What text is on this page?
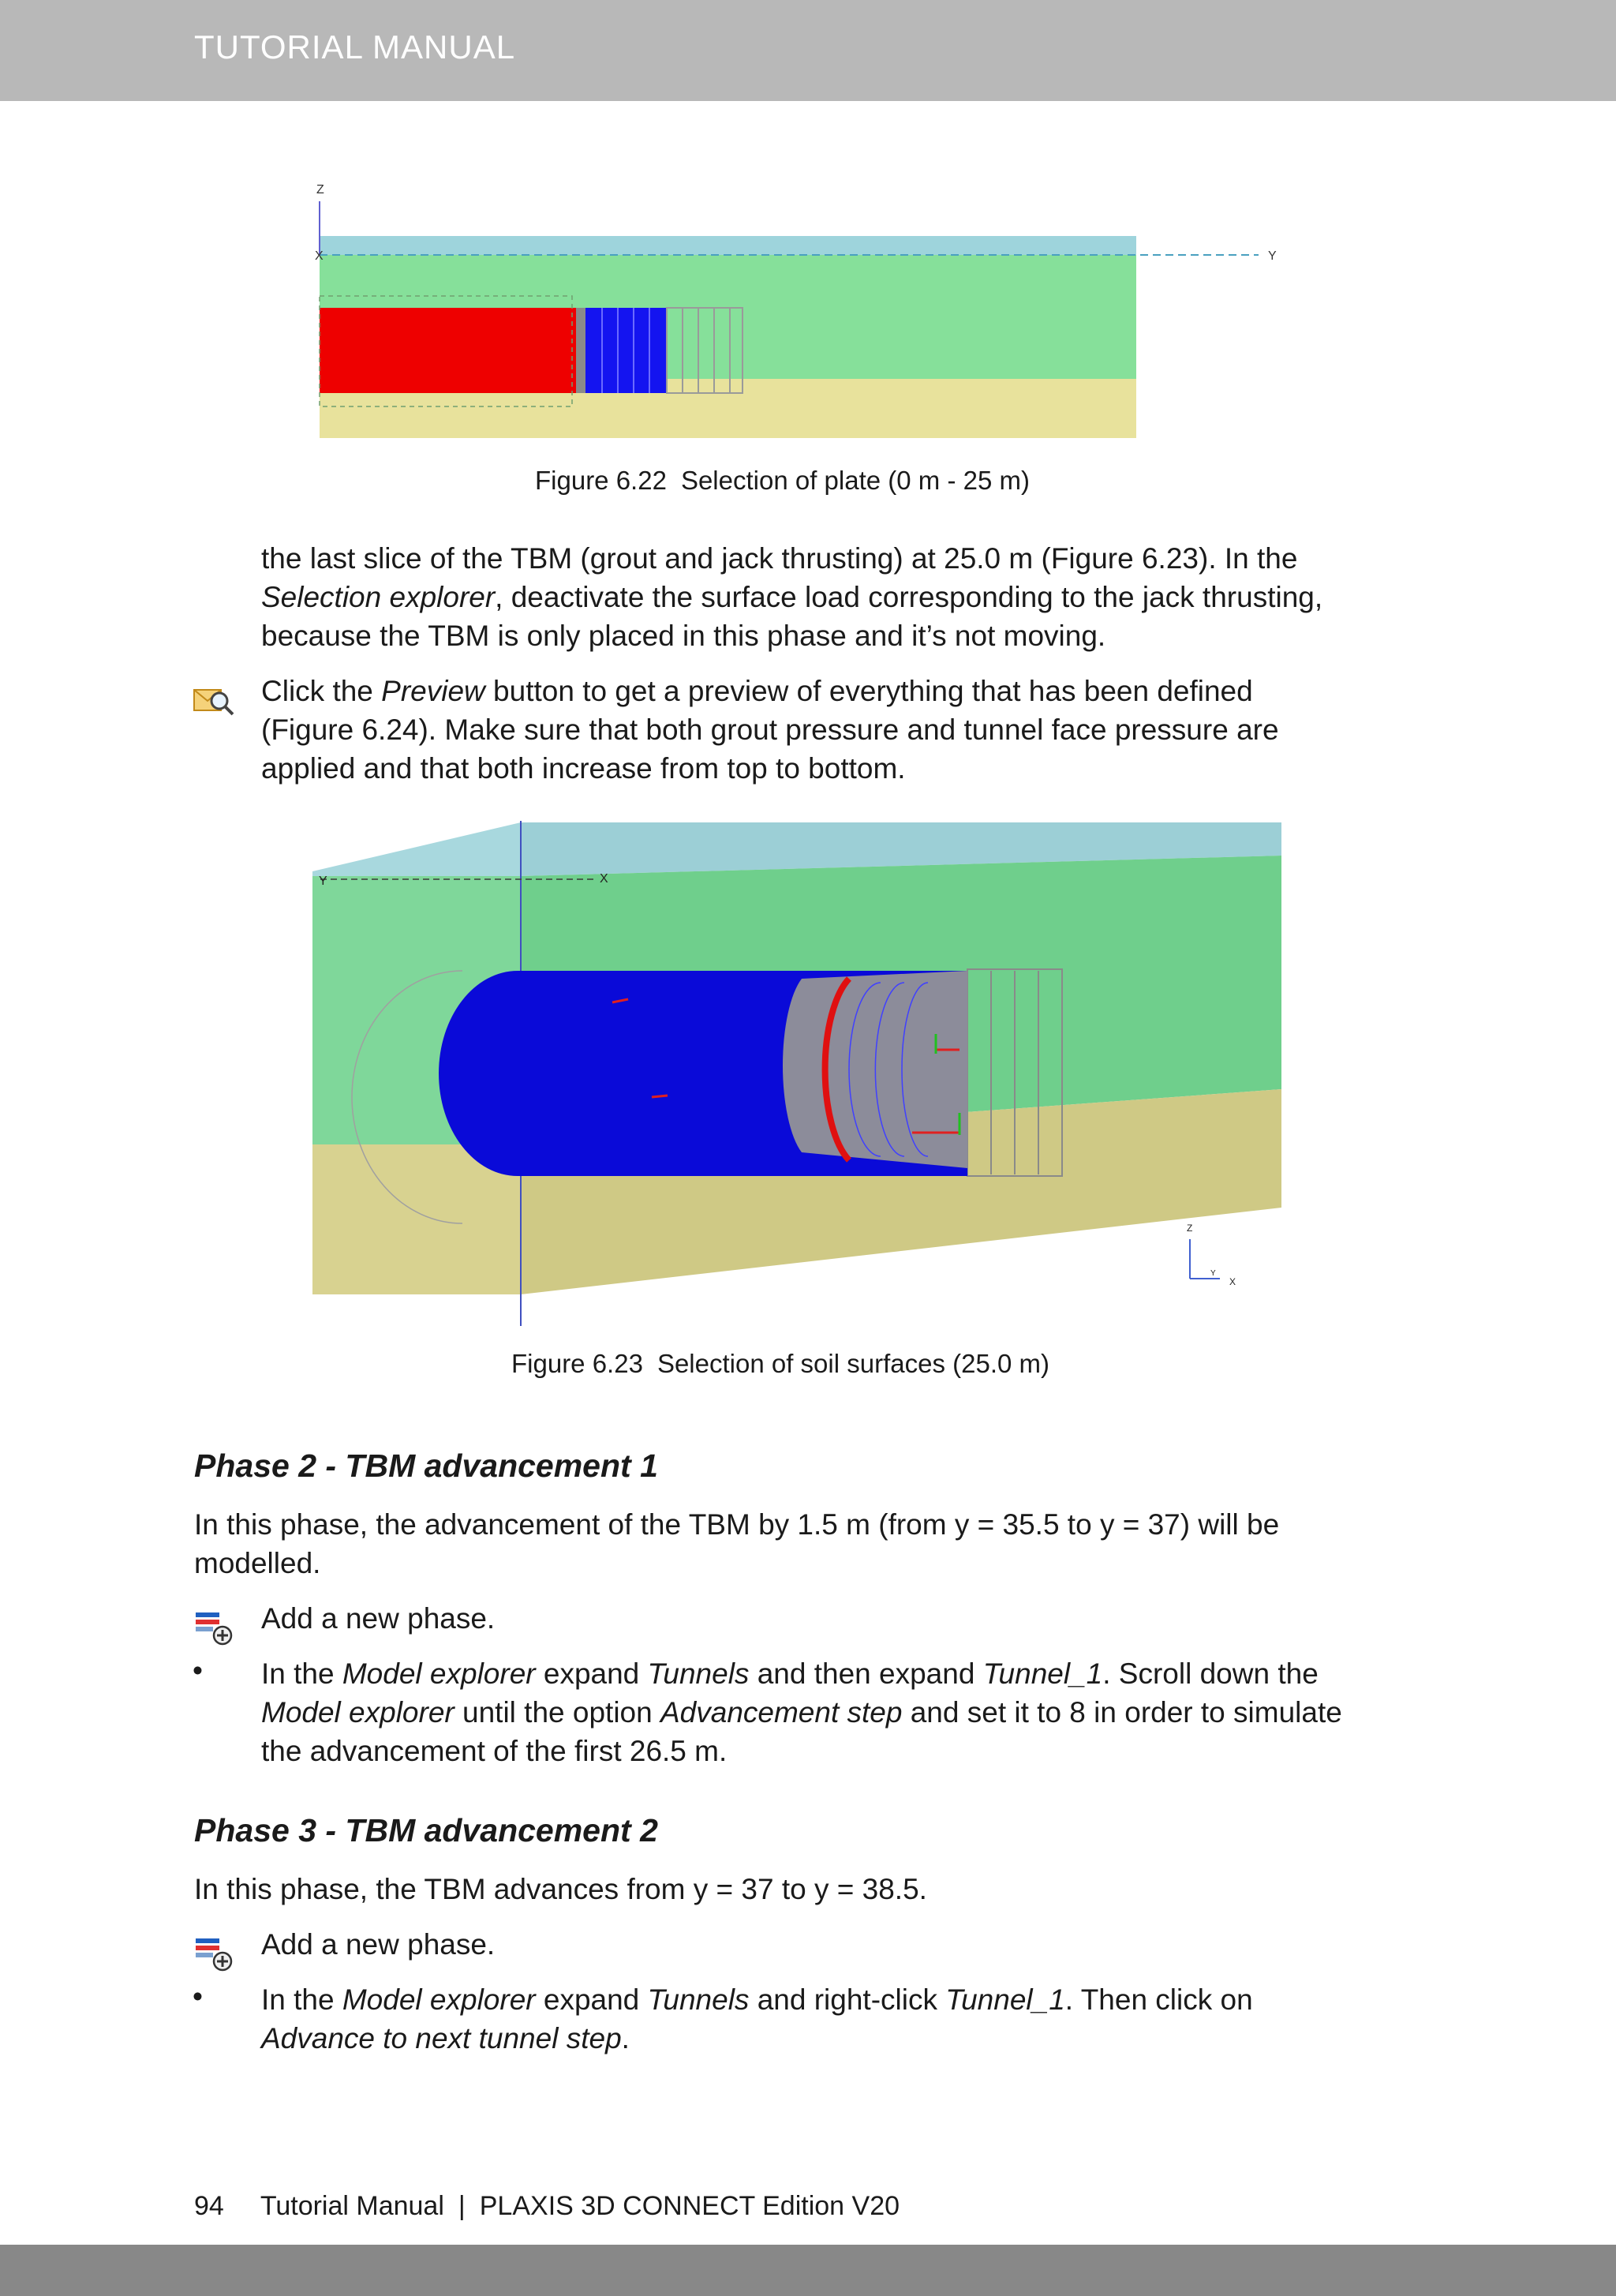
TUTORIAL MANUAL
Z
X	Y
Figure 6.22 Selection of plate (0 m - 25 m)
the last slice of the TBM (grout and jack thrusting) at 25.0 m (Figure 6.23). In the
Selection explorer, deactivate the surface load corresponding to the jack thrusting,
because the TBM is only placed in this phase and it’s not moving.
Click the Preview button to get a preview of everything that has been defined
(Figure 6.24). Make sure that both grout pressure and tunnel face pressure are
applied and that both increase from top to bottom.
Y	X
Z
Y
X
Figure 6.23 Selection of soil surfaces (25.0 m)
Phase 2 - TBM advancement 1
In this phase, the advancement of the TBM by 1.5 m (from y = 35.5 to y = 37) will be
modelled.
Add a new phase.
• In the Model explorer expand Tunnels and then expand Tunnel_1. Scroll down the
Model explorer until the option Advancement step and set it to 8 in order to simulate
the advancement of the first 26.5 m.
Phase 3 - TBM advancement 2
In this phase, the TBM advances from y = 37 to y = 38.5.
Add a new phase.
• In the Model explorer expand Tunnels and right-click Tunnel_1. Then click on
Advance to next tunnel step.
94 Tutorial Manual | PLAXIS 3D CONNECT Edition V20
